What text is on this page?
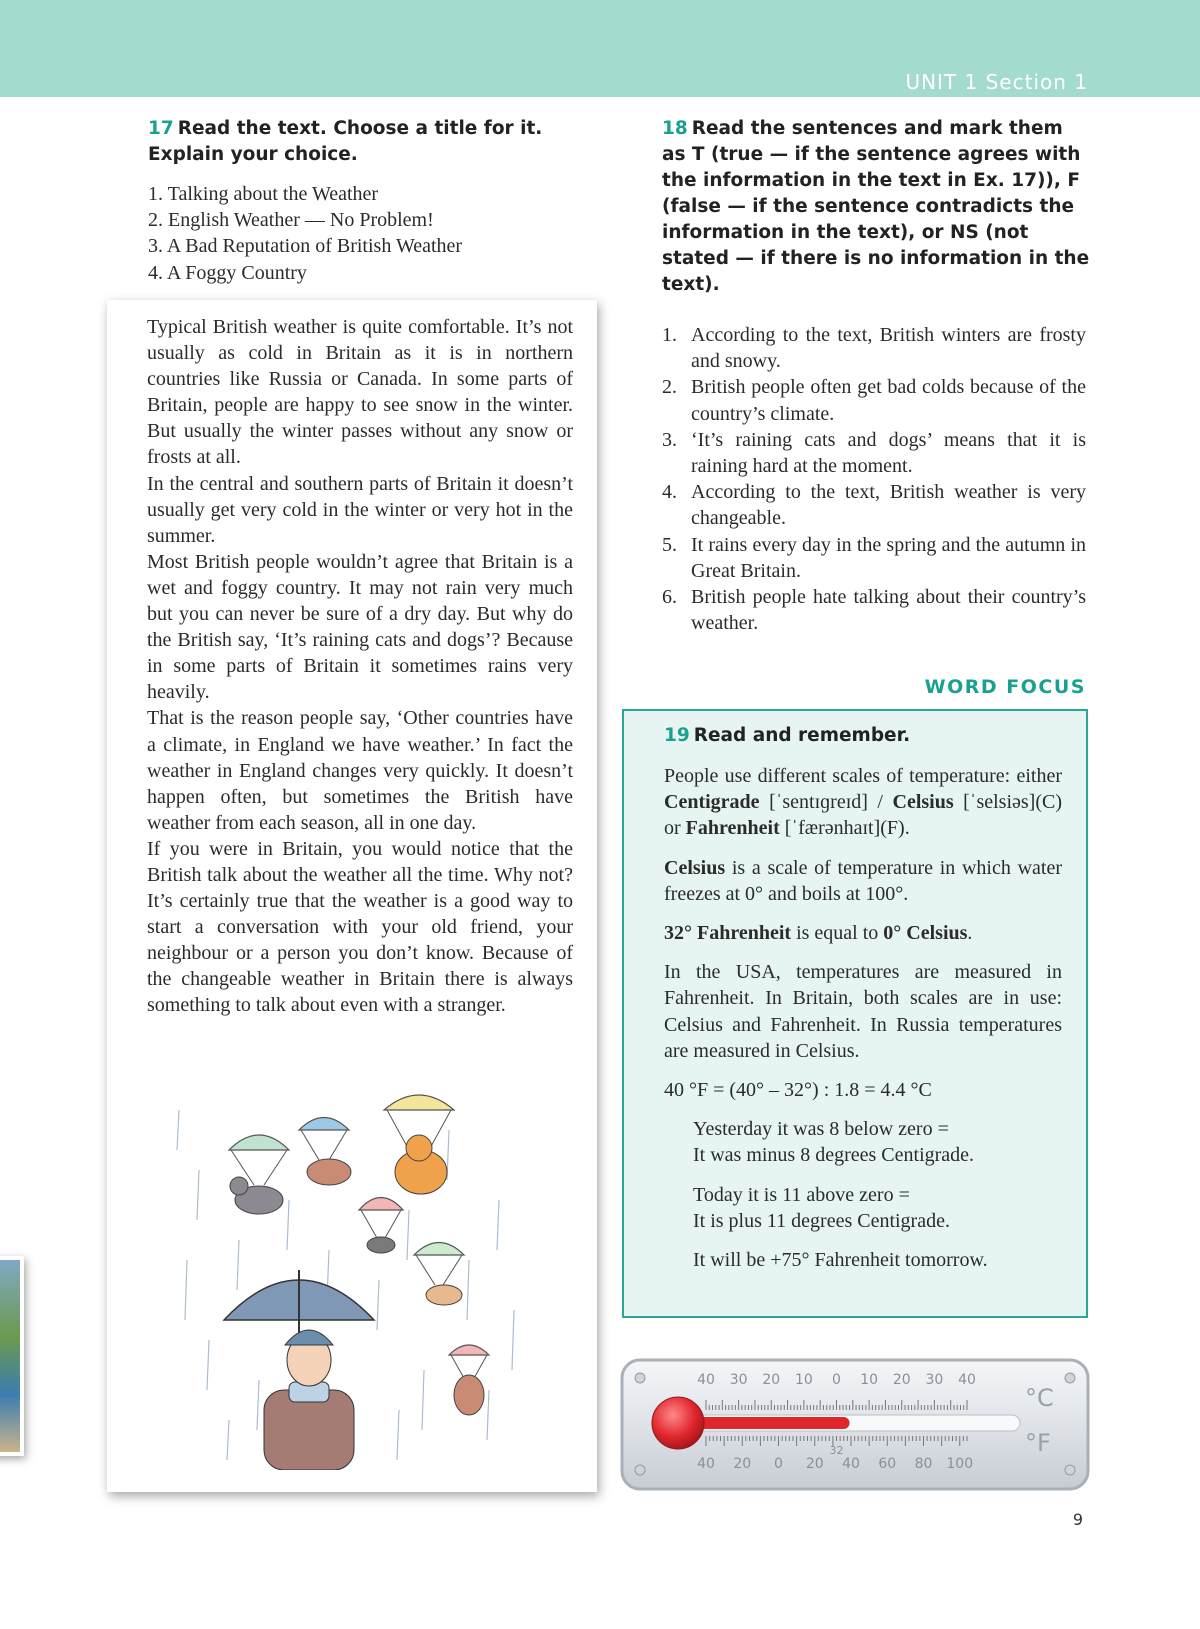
UNIT 1 Section 1
17 Read the text. Choose a title for it. Explain your choice.
1. Talking about the Weather
2. English Weather — No Problem!
3. A Bad Reputation of British Weather
4. A Foggy Country

Typical British weather is quite comfortable. It’s not usually as cold in Britain as it is in northern countries like Russia or Canada. In some parts of Britain, people are happy to see snow in the winter. But usually the winter passes without any snow or frosts at all.

In the central and southern parts of Britain it doesn’t usually get very cold in the winter or very hot in the summer.

Most British people wouldn’t agree that Britain is a wet and foggy country. It may not rain very much but you can never be sure of a dry day. But why do the British say, ‘It’s raining cats and dogs’? Because in some parts of Britain it sometimes rains very heavily.

That is the reason people say, ‘Other countries have a climate, in England we have weather.’ In fact the weather in England changes very quickly. It doesn’t happen often, but sometimes the British have weather from each season, all in one day.

If you were in Britain, you would notice that the British talk about the weather all the time. Why not? It’s certainly true that the weather is a good way to start a conversation with your old friend, your neighbour or a person you don’t know. Because of the changeable weather in Britain there is always something to talk about even with a stranger.

18 Read the sentences and mark them as T (true — if the sentence agrees with the information in the text in Ex. 17)), F (false — if the sentence contradicts the information in the text), or NS (not stated — if there is no information in the text).
1. According to the text, British winters are frosty and snowy.
2. British people often get bad colds because of the country’s climate.
3. ‘It’s raining cats and dogs’ means that it is raining hard at the moment.
4. According to the text, British weather is very changeable.
5. It rains every day in the spring and the autumn in Great Britain.
6. British people hate talking about their country’s weather.
WORD FOCUS
19 Read and remember.

People use different scales of temperature: either Centigrade [ˈsentɪɡreɪd] / Celsius [ˈselsiəs](C) or Fahrenheit [ˈfærənhaɪt](F).

Celsius is a scale of temperature in which water freezes at 0° and boils at 100°.

32° Fahrenheit is equal to 0° Celsius.

In the USA, temperatures are measured in Fahrenheit. In Britain, both scales are in use: Celsius and Fahrenheit. In Russia temperatures are measured in Celsius.

40 °F = (40° – 32°) : 1.8 = 4.4 °C

Yesterday it was 8 below zero =
It was minus 8 degrees Centigrade.

Today it is 11 above zero =
It is plus 11 degrees Centigrade.

It will be +75° Fahrenheit tomorrow.

40 30 20 10 0 10 20 30 40
40 20 0 20 40 60 80 100
32
°C
°F
9
